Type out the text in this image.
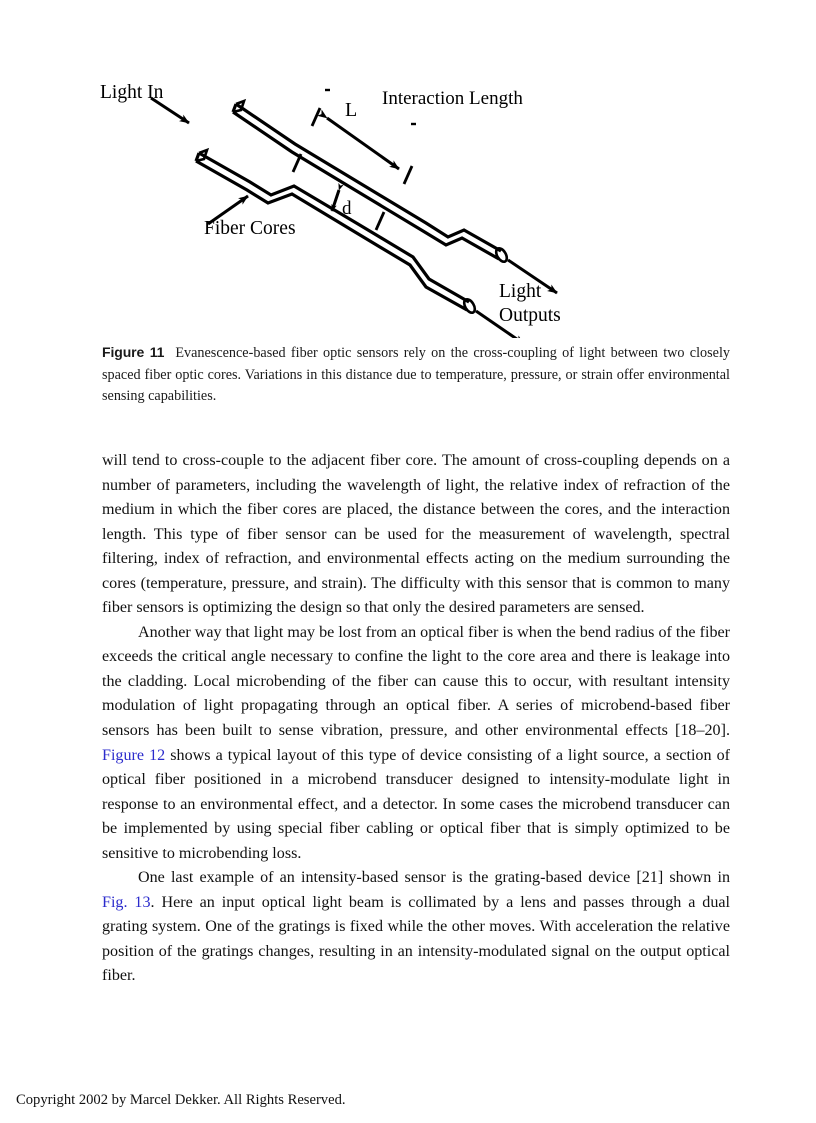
Light In
Fiber Cores
Interaction Length
L
d
Light
Outputs
Figure 11 Evanescence-based fiber optic sensors rely on the cross-coupling of light between two closely spaced fiber optic cores. Variations in this distance due to temperature, pressure, or strain offer environmental sensing capabilities.

will tend to cross-couple to the adjacent fiber core. The amount of cross-coupling depends on a number of parameters, including the wavelength of light, the relative index of refraction of the medium in which the fiber cores are placed, the distance between the cores, and the interaction length. This type of fiber sensor can be used for the measurement of wavelength, spectral filtering, index of refraction, and environmental effects acting on the medium surrounding the cores (temperature, pressure, and strain). The difficulty with this sensor that is common to many fiber sensors is optimizing the design so that only the desired parameters are sensed.

Another way that light may be lost from an optical fiber is when the bend radius of the fiber exceeds the critical angle necessary to confine the light to the core area and there is leakage into the cladding. Local microbending of the fiber can cause this to occur, with resultant intensity modulation of light propagating through an optical fiber. A series of microbend-based fiber sensors has been built to sense vibration, pressure, and other environmental effects [18–20]. Figure 12 shows a typical layout of this type of device consisting of a light source, a section of optical fiber positioned in a microbend transducer designed to intensity-modulate light in response to an environmental effect, and a detector. In some cases the microbend transducer can be implemented by using special fiber cabling or optical fiber that is simply optimized to be sensitive to microbending loss.

One last example of an intensity-based sensor is the grating-based device [21] shown in Fig. 13. Here an input optical light beam is collimated by a lens and passes through a dual grating system. One of the gratings is fixed while the other moves. With acceleration the relative position of the gratings changes, resulting in an intensity-modulated signal on the output optical fiber.

Copyright 2002 by Marcel Dekker. All Rights Reserved.
